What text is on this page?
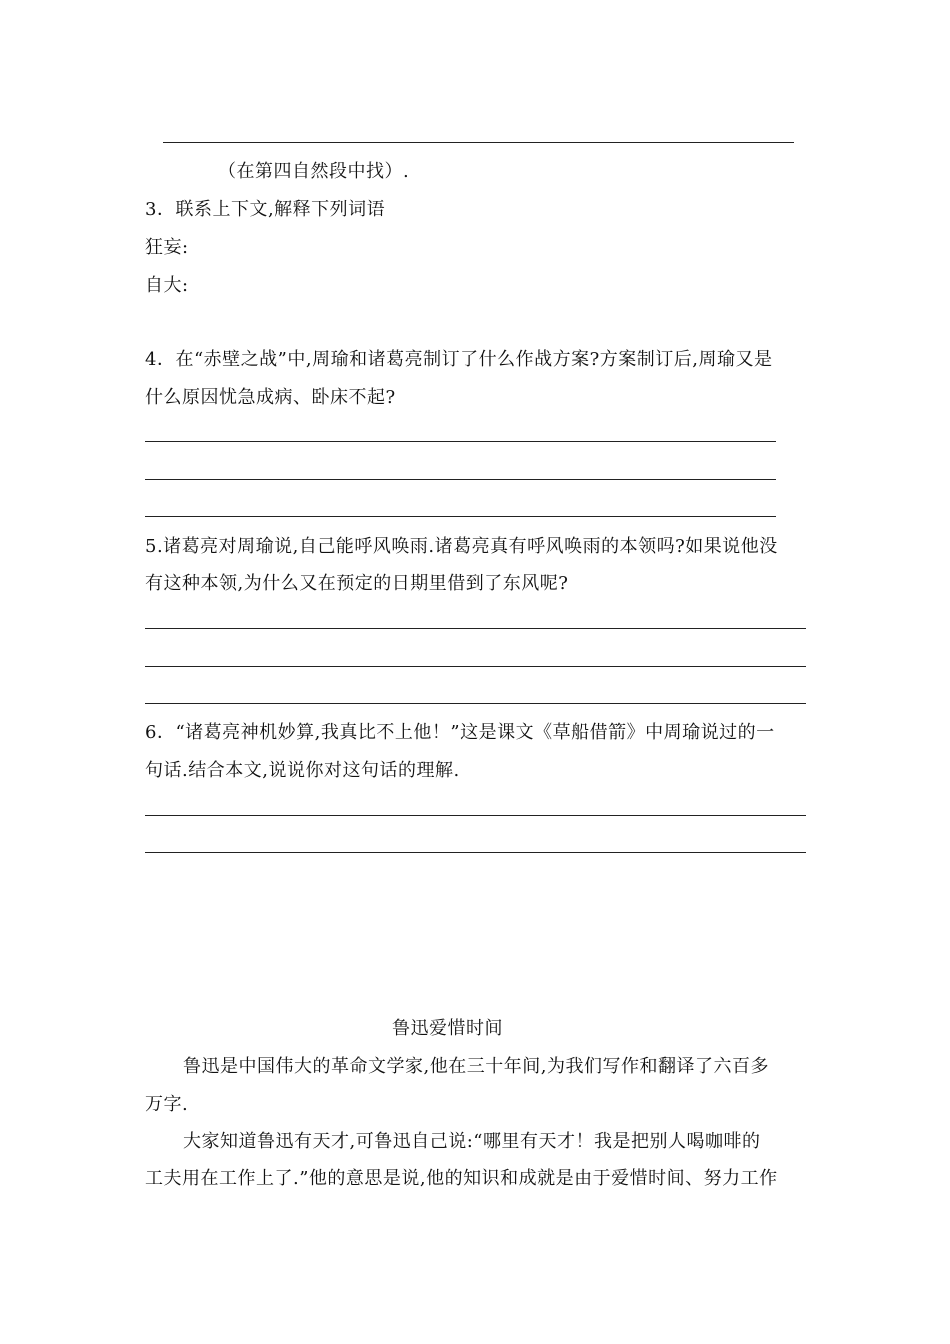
（在第四自然段中找）.
3．联系上下文,解释下列词语
狂妄:
自大:
4．在“赤壁之战”中,周瑜和诸葛亮制订了什么作战方案?方案制订后,周瑜又是
什么原因忧急成病、卧床不起?
5.诸葛亮对周瑜说,自己能呼风唤雨.诸葛亮真有呼风唤雨的本领吗?如果说他没
有这种本领,为什么又在预定的日期里借到了东风呢?
6．“诸葛亮神机妙算,我真比不上他！”这是课文《草船借箭》中周瑜说过的一
句话.结合本文,说说你对这句话的理解.
鲁迅爱惜时间
鲁迅是中国伟大的革命文学家,他在三十年间,为我们写作和翻译了六百多
万字.
大家知道鲁迅有天才,可鲁迅自己说:“哪里有天才！我是把别人喝咖啡的
工夫用在工作上了.”他的意思是说,他的知识和成就是由于爱惜时间、努力工作
